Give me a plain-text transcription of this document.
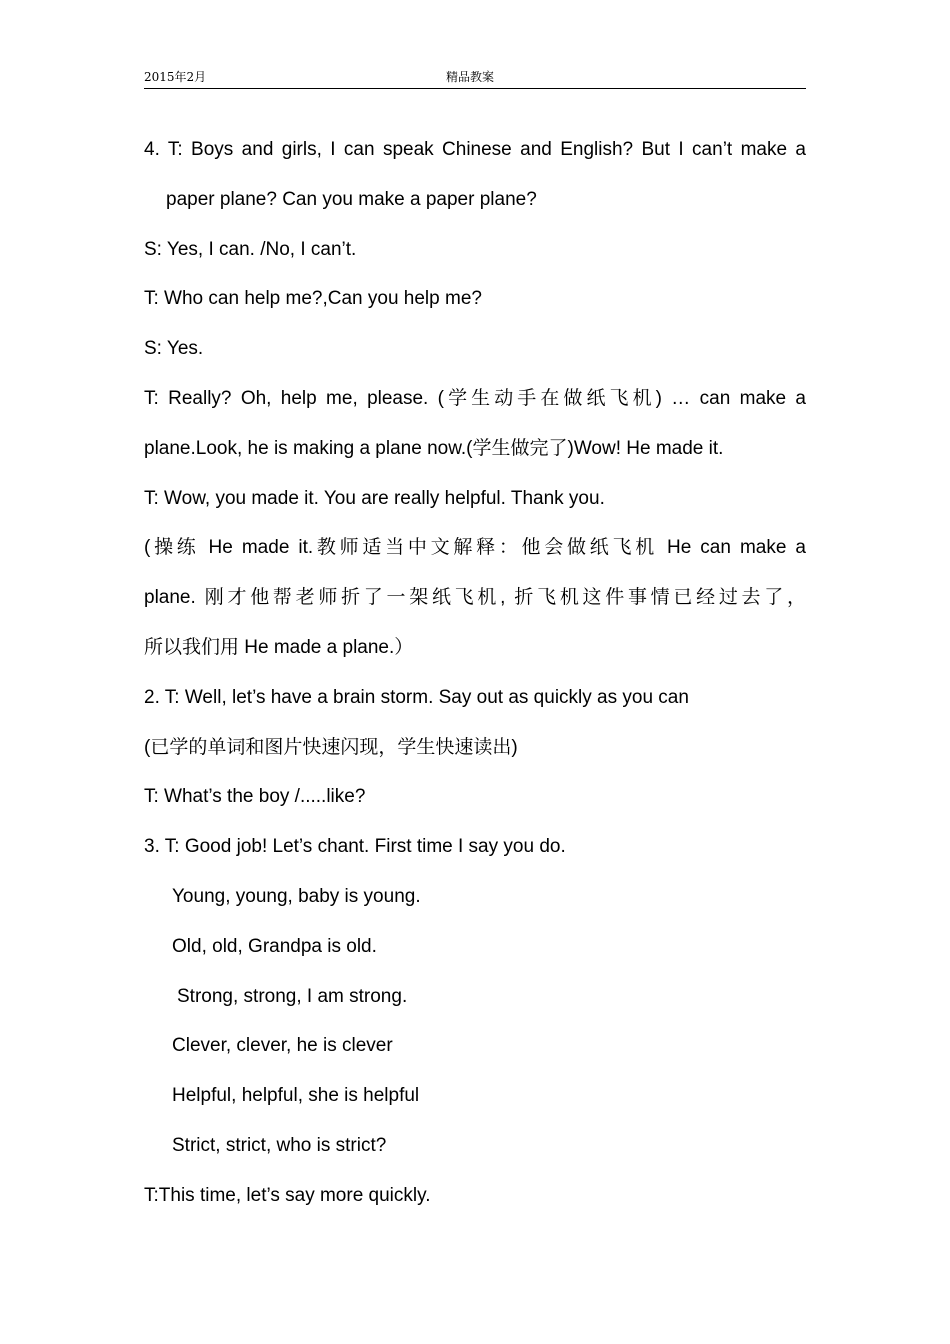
2015年2月	精品教案
4. T: Boys and girls, I can speak Chinese and English? But I can’t make a
paper plane? Can you make a paper plane?
S: Yes, I can. /No, I can’t.
T: Who can help me?,Can you help me?
S: Yes.
T: Really? Oh, help me, please. (学生动手在做纸飞机) … can make a
plane.Look, he is making a plane now.(学生做完了)Wow! He made it.
T: Wow, you made it. You are really helpful. Thank you.
(操练 He made it.教师适当中文解释：他会做纸飞机 He can make a
plane. 刚才他帮老师折了一架纸飞机, 折飞机这件事情已经过去了，
所以我们用 He made a plane.）
2. T: Well, let’s have a brain storm. Say out as quickly as you can
(已学的单词和图片快速闪现，学生快速读出)
T: What’s the boy /.....like?
3. T: Good job! Let’s chant. First time I say you do.
Young, young, baby is young.
Old, old, Grandpa is old.
Strong, strong, I am strong.
Clever, clever, he is clever
Helpful, helpful, she is helpful
Strict, strict, who is strict?
T:This time, let’s say more quickly.
